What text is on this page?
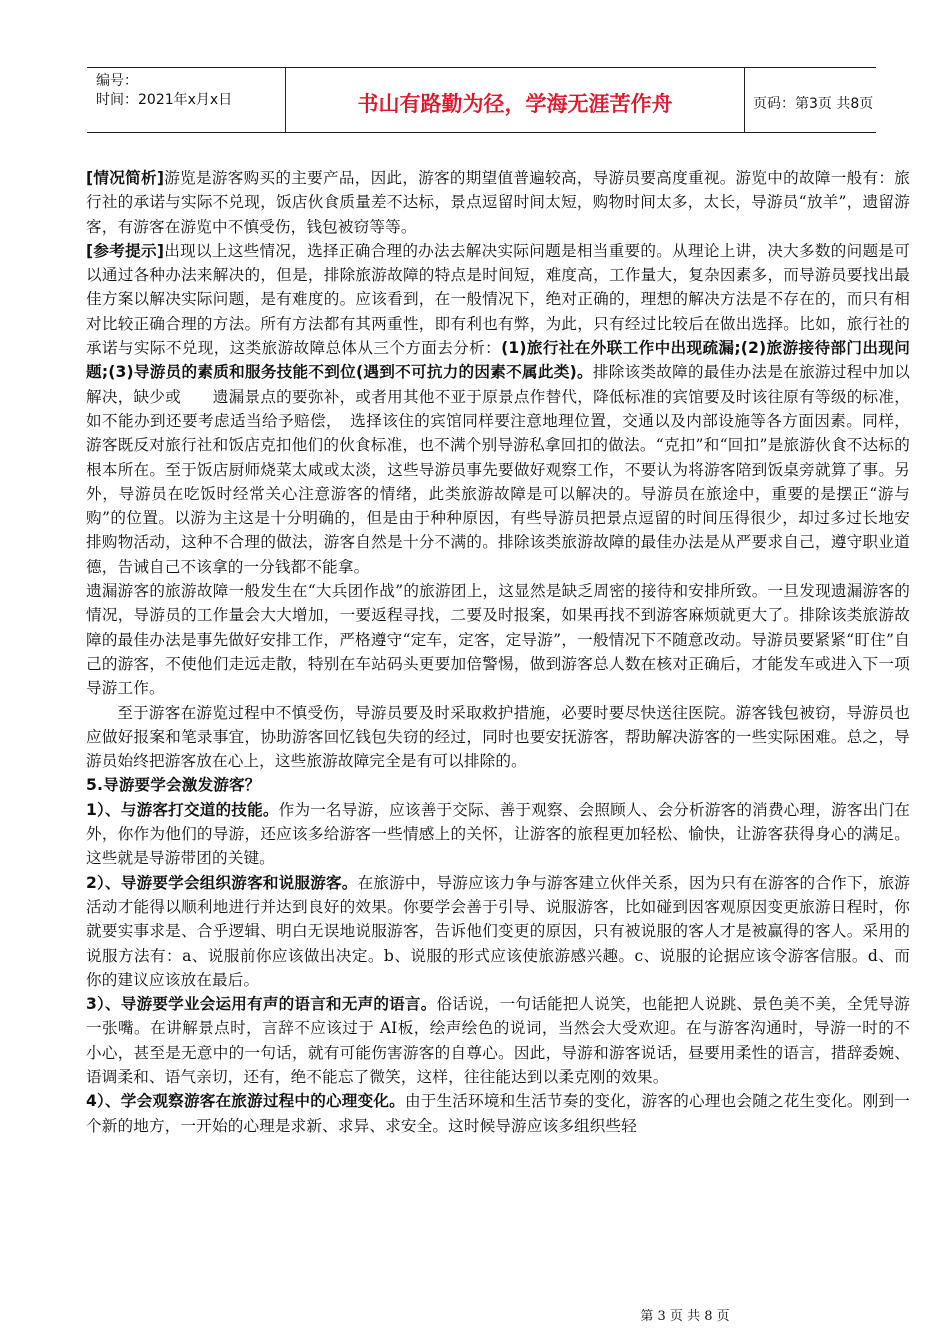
编号：
时间：2021年x月x日	书山有路勤为径，学海无涯苦作舟	页码：第3页 共8页

[情况简析]游览是游客购买的主要产品，因此，游客的期望值普遍较高，导游员要高度重视。游览中的故障一般有：旅行社的承诺与实际不兑现，饭店伙食质量差不达标，景点逗留时间太短，购物时间太多，太长，导游员“放羊”，遗留游客，有游客在游览中不慎受伤，钱包被窃等等。

[参考提示]出现以上这些情况，选择正确合理的办法去解决实际问题是相当重要的。从理论上讲，决大多数的问题是可以通过各种办法来解决的，但是，排除旅游故障的特点是时间短，难度高，工作量大，复杂因素多，而导游员要找出最佳方案以解决实际问题，是有难度的。应该看到，在一般情况下，绝对正确的，理想的解决方法是不存在的，而只有相对比较正确合理的方法。所有方法都有其两重性，即有利也有弊，为此，只有经过比较后在做出选择。比如，旅行社的承诺与实际不兑现，这类旅游故障总体从三个方面去分析：(1)旅行社在外联工作中出现疏漏;(2)旅游接待部门出现问题;(3)导游员的素质和服务技能不到位(遇到不可抗力的因素不属此类)。排除该类故障的最佳办法是在旅游过程中加以解决，缺少或　　遗漏景点的要弥补，或者用其他不亚于原景点作替代，降低标准的宾馆要及时该往原有等级的标准，如不能办到还要考虑适当给予赔偿，　选择该住的宾馆同样要注意地理位置，交通以及内部设施等各方面因素。同样，游客既反对旅行社和饭店克扣他们的伙食标准，也不满个别导游私拿回扣的做法。“克扣”和“回扣”是旅游伙食不达标的根本所在。至于饭店厨师烧菜太咸或太淡，这些导游员事先要做好观察工作，不要认为将游客陪到饭桌旁就算了事。另外，导游员在吃饭时经常关心注意游客的情绪，此类旅游故障是可以解决的。导游员在旅途中，重要的是摆正“游与购”的位置。以游为主这是十分明确的，但是由于种种原因，有些导游员把景点逗留的时间压得很少，却过多过长地安排购物活动，这种不合理的做法，游客自然是十分不满的。排除该类旅游故障的最佳办法是从严要求自己，遵守职业道德，告诫自己不该拿的一分钱都不能拿。

遗漏游客的旅游故障一般发生在“大兵团作战”的旅游团上，这显然是缺乏周密的接待和安排所致。一旦发现遗漏游客的情况，导游员的工作量会大大增加，一要返程寻找，二要及时报案，如果再找不到游客麻烦就更大了。排除该类旅游故障的最佳办法是事先做好安排工作，严格遵守“定车，定客，定导游”，一般情况下不随意改动。导游员要紧紧“盯住”自己的游客，不使他们走远走散，特别在车站码头更要加倍警惕，做到游客总人数在核对正确后，才能发车或进入下一项导游工作。

至于游客在游览过程中不慎受伤，导游员要及时采取救护措施，必要时要尽快送往医院。游客钱包被窃，导游员也应做好报案和笔录事宜，协助游客回忆钱包失窃的经过，同时也要安抚游客，帮助解决游客的一些实际困难。总之，导游员始终把游客放在心上，这些旅游故障完全是有可以排除的。

5.导游要学会激发游客？

1）、与游客打交道的技能。作为一名导游，应该善于交际、善于观察、会照顾人、会分析游客的消费心理，游客出门在外，你作为他们的导游，还应该多给游客一些情感上的关怀，让游客的旅程更加轻松、愉快，让游客获得身心的满足。这些就是导游带团的关键。

2）、导游要学会组织游客和说服游客。在旅游中，导游应该力争与游客建立伙伴关系，因为只有在游客的合作下，旅游活动才能得以顺利地进行并达到良好的效果。你要学会善于引导、说服游客，比如碰到因客观原因变更旅游日程时，你就要实事求是、合乎逻辑、明白无误地说服游客，告诉他们变更的原因，只有被说服的客人才是被赢得的客人。采用的说服方法有：a、说服前你应该做出决定。b、说服的形式应该使旅游感兴趣。c、说服的论据应该令游客信服。d、而你的建议应该放在最后。

3）、导游要学业会运用有声的语言和无声的语言。俗话说，一句话能把人说笑，也能把人说跳、景色美不美，全凭导游一张嘴。在讲解景点时，言辞不应该过于 AI板，绘声绘色的说词，当然会大受欢迎。在与游客沟通时，导游一时的不小心，甚至是无意中的一句话，就有可能伤害游客的自尊心。因此，导游和游客说话，昼要用柔性的语言，措辞委婉、语调柔和、语气亲切，还有，绝不能忘了微笑，这样，往往能达到以柔克刚的效果。

4）、学会观察游客在旅游过程中的心理变化。由于生活环境和生活节奏的变化，游客的心理也会随之花生变化。刚到一个新的地方，一开始的心理是求新、求异、求安全。这时候导游应该多组织些轻

第 3 页 共 8 页
